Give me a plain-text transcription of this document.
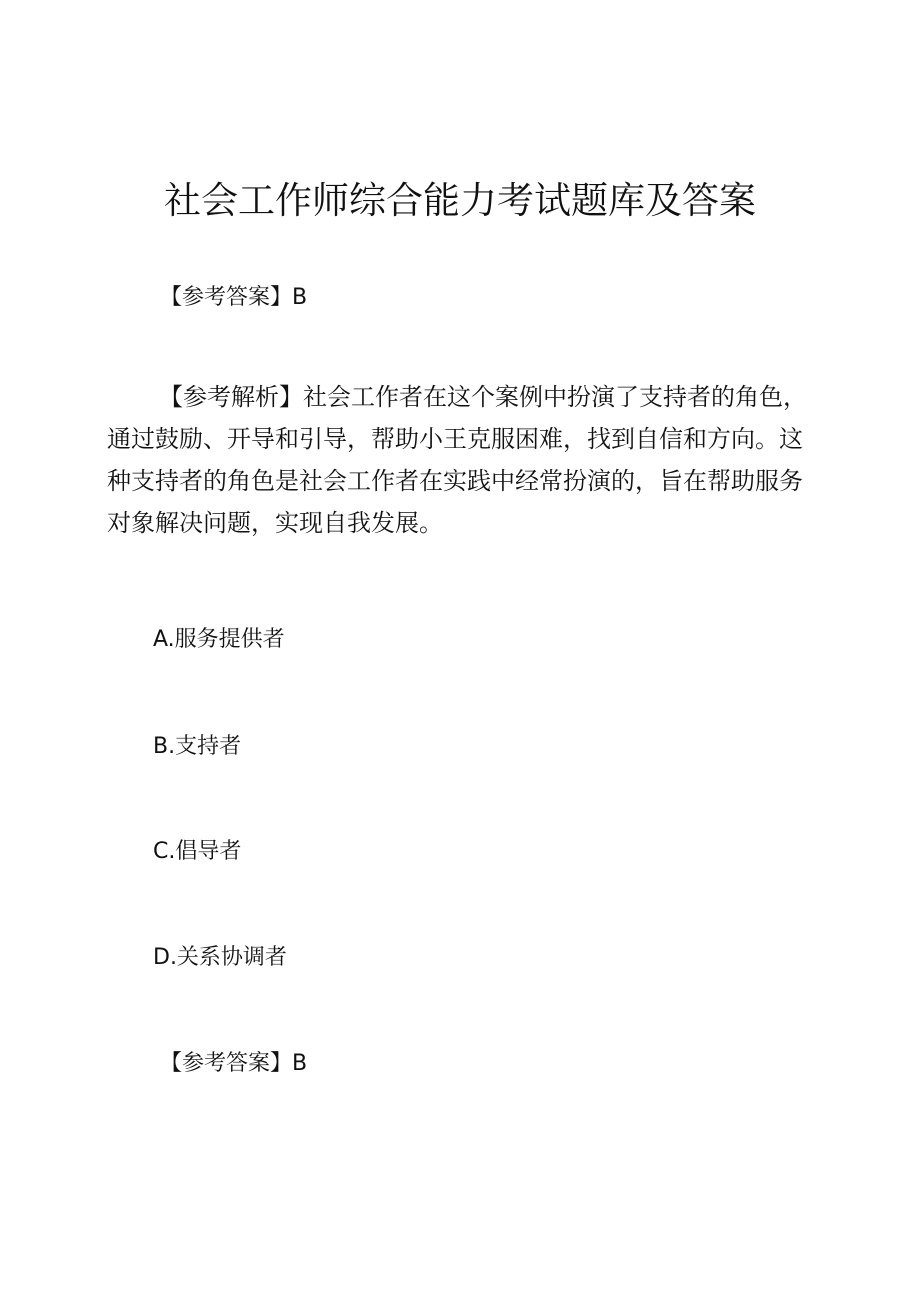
社会工作师综合能力考试题库及答案

【参考答案】B

【参考解析】社会工作者在这个案例中扮演了支持者的角色，通过鼓励、开导和引导，帮助小王克服困难，找到自信和方向。这种支持者的角色是社会工作者在实践中经常扮演的，旨在帮助服务对象解决问题，实现自我发展。

A.服务提供者

B.支持者

C.倡导者

D.关系协调者

【参考答案】B
